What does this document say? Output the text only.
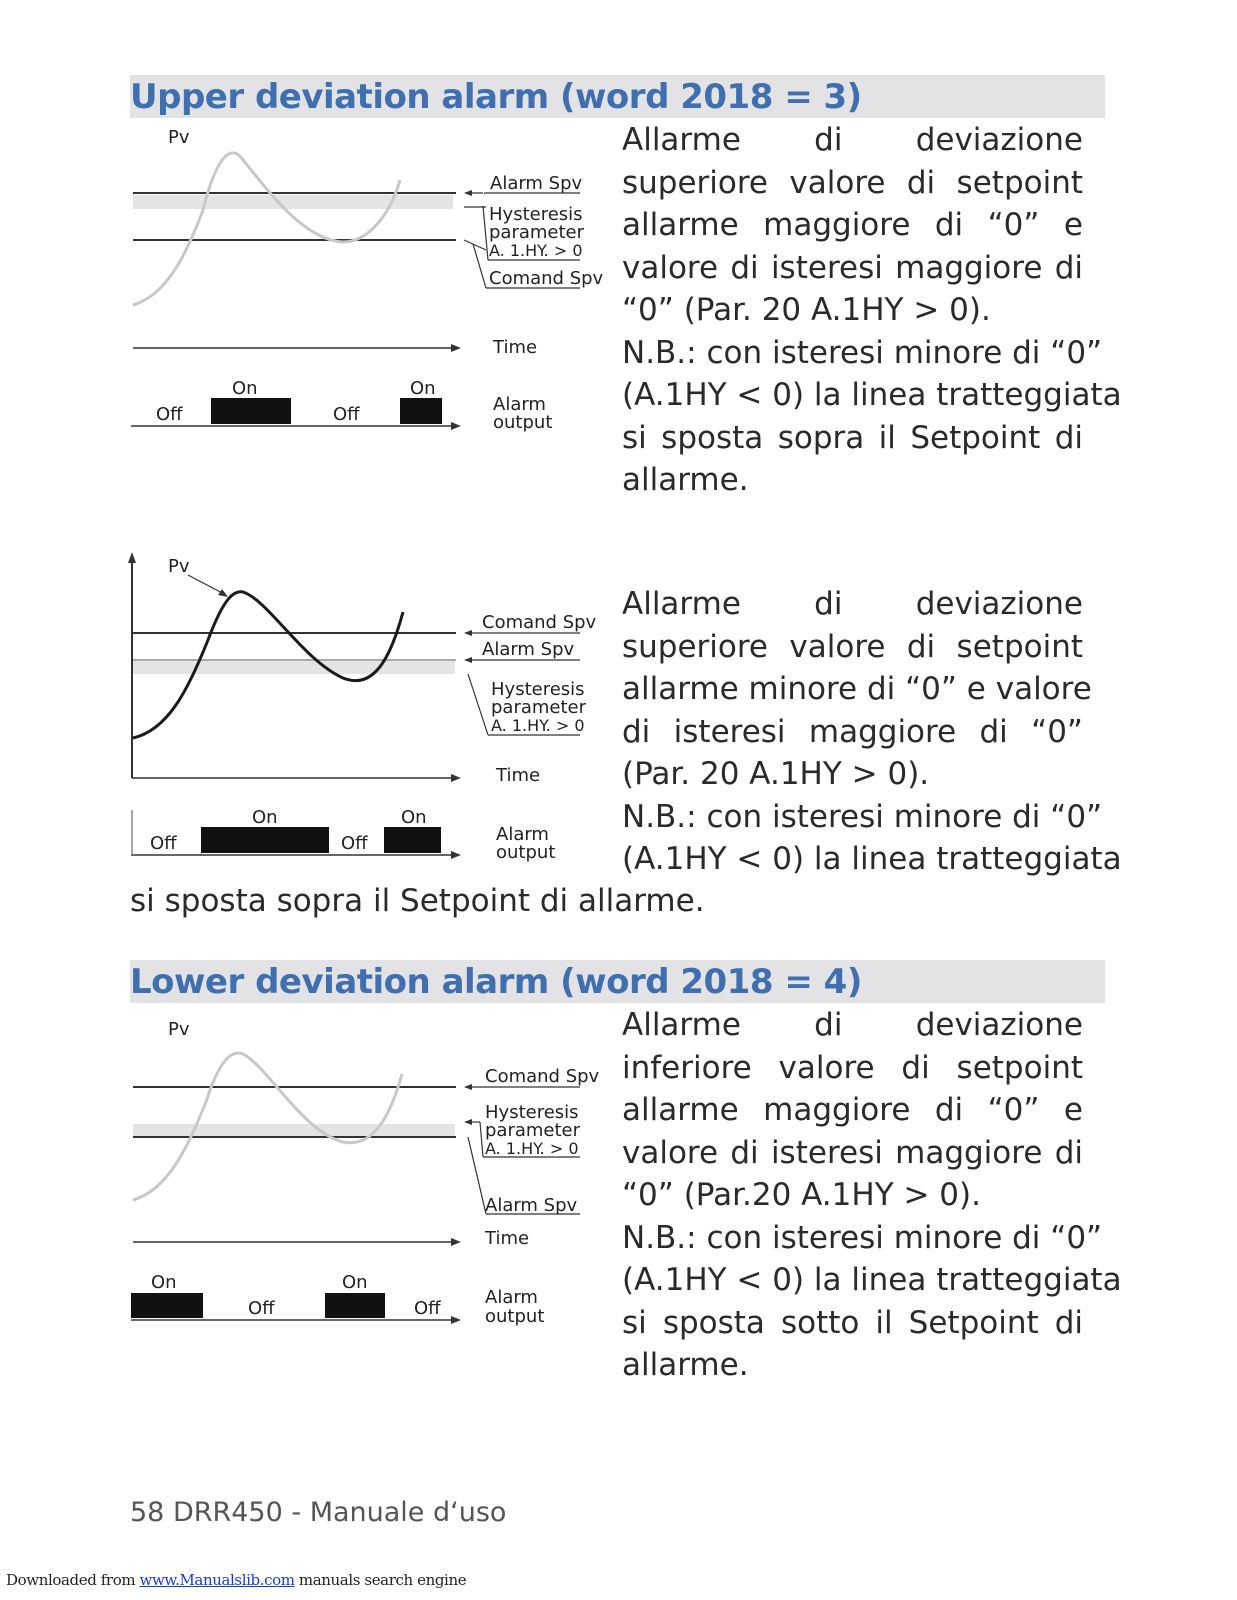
Upper deviation alarm (word 2018 = 3)
Pv
Alarm Spv
Hysteresis
parameter
A. 1.HY. > 0
Comand Spv
Time
Alarm
output
Off
On
Off
On
Allarme di deviazione
superiore valore di setpoint
allarme maggiore di “0” e
valore di isteresi maggiore di
“0” (Par. 20 A.1HY > 0).
N.B.: con isteresi minore di “0”
(A.1HY < 0) la linea tratteggiata
si sposta sopra il Setpoint di
allarme.
Pv
Comand Spv
Alarm Spv
Hysteresis
parameter
A. 1.HY. > 0
Time
Alarm
output
Off
On
Off
On
Allarme di deviazione
superiore valore di setpoint
allarme minore di “0” e valore
di isteresi maggiore di “0”
(Par. 20 A.1HY > 0).
N.B.: con isteresi minore di “0”
(A.1HY < 0) la linea tratteggiata
si sposta sopra il Setpoint di allarme.
Lower deviation alarm (word 2018 = 4)
Pv
Comand Spv
Hysteresis
parameter
A. 1.HY. > 0
Alarm Spv
Time
Alarm
output
On
Off
On
Off
Allarme di deviazione
inferiore valore di setpoint
allarme maggiore di “0” e
valore di isteresi maggiore di
“0” (Par.20 A.1HY > 0).
N.B.: con isteresi minore di “0”
(A.1HY < 0) la linea tratteggiata
si sposta sotto il Setpoint di
allarme.
58 DRR450 - Manuale d‘uso
Downloaded from www.Manualslib.com manuals search engine
